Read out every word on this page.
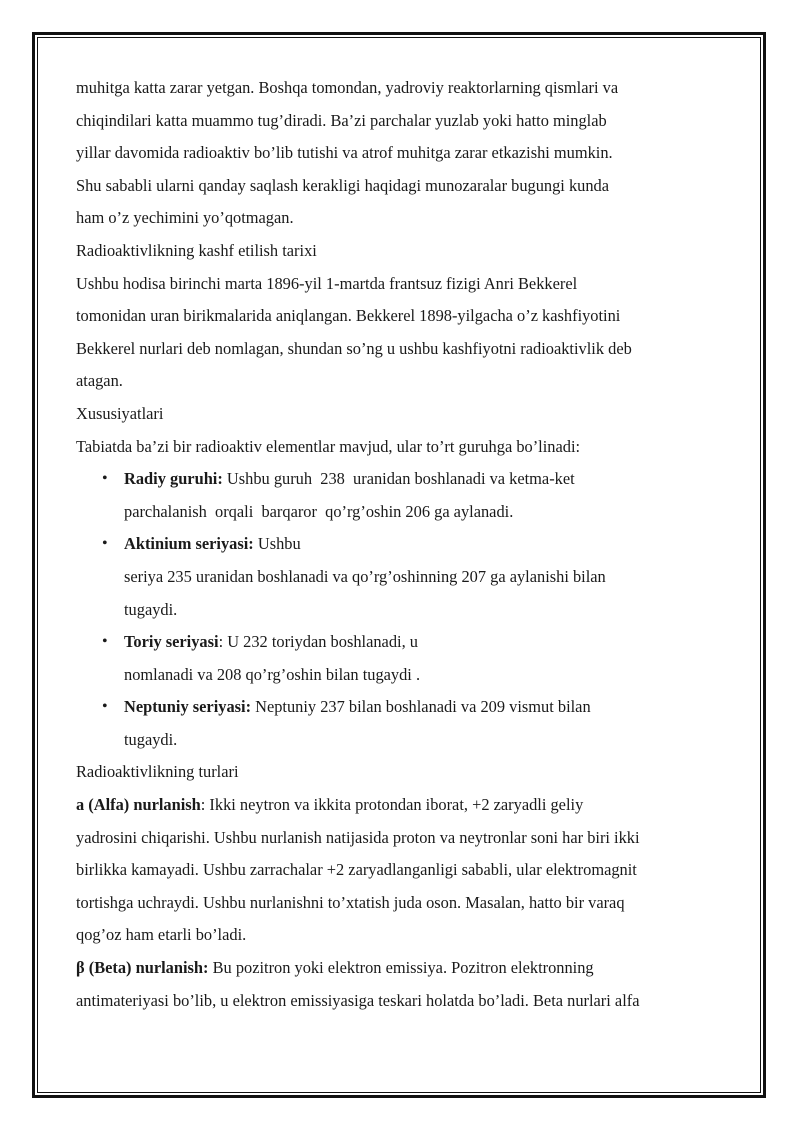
muhitga katta zarar yetgan. Boshqa tomondan, yadroviy reaktorlarning qismlari va

chiqindilari katta muammo tug’diradi. Ba’zi parchalar yuzlab yoki hatto minglab

yillar davomida radioaktiv bo’lib tutishi va atrof muhitga zarar etkazishi mumkin.

Shu sababli ularni qanday saqlash kerakligi haqidagi munozaralar bugungi kunda

ham o’z yechimini yo’qotmagan.

Radioaktivlikning kashf etilish tarixi

Ushbu hodisa birinchi marta 1896-yil 1-martda frantsuz fizigi Anri Bekkerel

tomonidan uran birikmalarida aniqlangan. Bekkerel 1898-yilgacha o’z kashfiyotini

Bekkerel nurlari deb nomlagan, shundan so’ng u ushbu kashfiyotni radioaktivlik deb

atagan.

Xususiyatlari

Tabiatda ba’zi bir radioaktiv elementlar mavjud, ular to’rt guruhga bo’linadi:

• Radiy guruhi: Ushbu guruh  238  uranidan boshlanadi va ketma-ket
parchalanish  orqali  barqaror  qo’rg’oshin 206 ga aylanadi.
• Aktinium seriyasi: Ushbu
seriya 235 uranidan boshlanadi va qo’rg’oshinning 207 ga aylanishi bilan
tugaydi.
• Toriy seriyasi: U 232 toriydan boshlanadi, u
nomlanadi va 208 qo’rg’oshin bilan tugaydi .
• Neptuniy seriyasi: Neptuniy 237 bilan boshlanadi va 209 vismut bilan
tugaydi.

Radioaktivlikning turlari

a (Alfa) nurlanish: Ikki neytron va ikkita protondan iborat, +2 zaryadli geliy

yadrosini chiqarishi. Ushbu nurlanish natijasida proton va neytronlar soni har biri ikki

birlikka kamayadi. Ushbu zarrachalar +2 zaryadlanganligi sababli, ular elektromagnit

tortishga uchraydi. Ushbu nurlanishni to’xtatish juda oson. Masalan, hatto bir varaq

qog’oz ham etarli bo’ladi.

β (Beta) nurlanish: Bu pozitron yoki elektron emissiya. Pozitron elektronning

antimateriyasi bo’lib, u elektron emissiyasiga teskari holatda bo’ladi. Beta nurlari alfa
